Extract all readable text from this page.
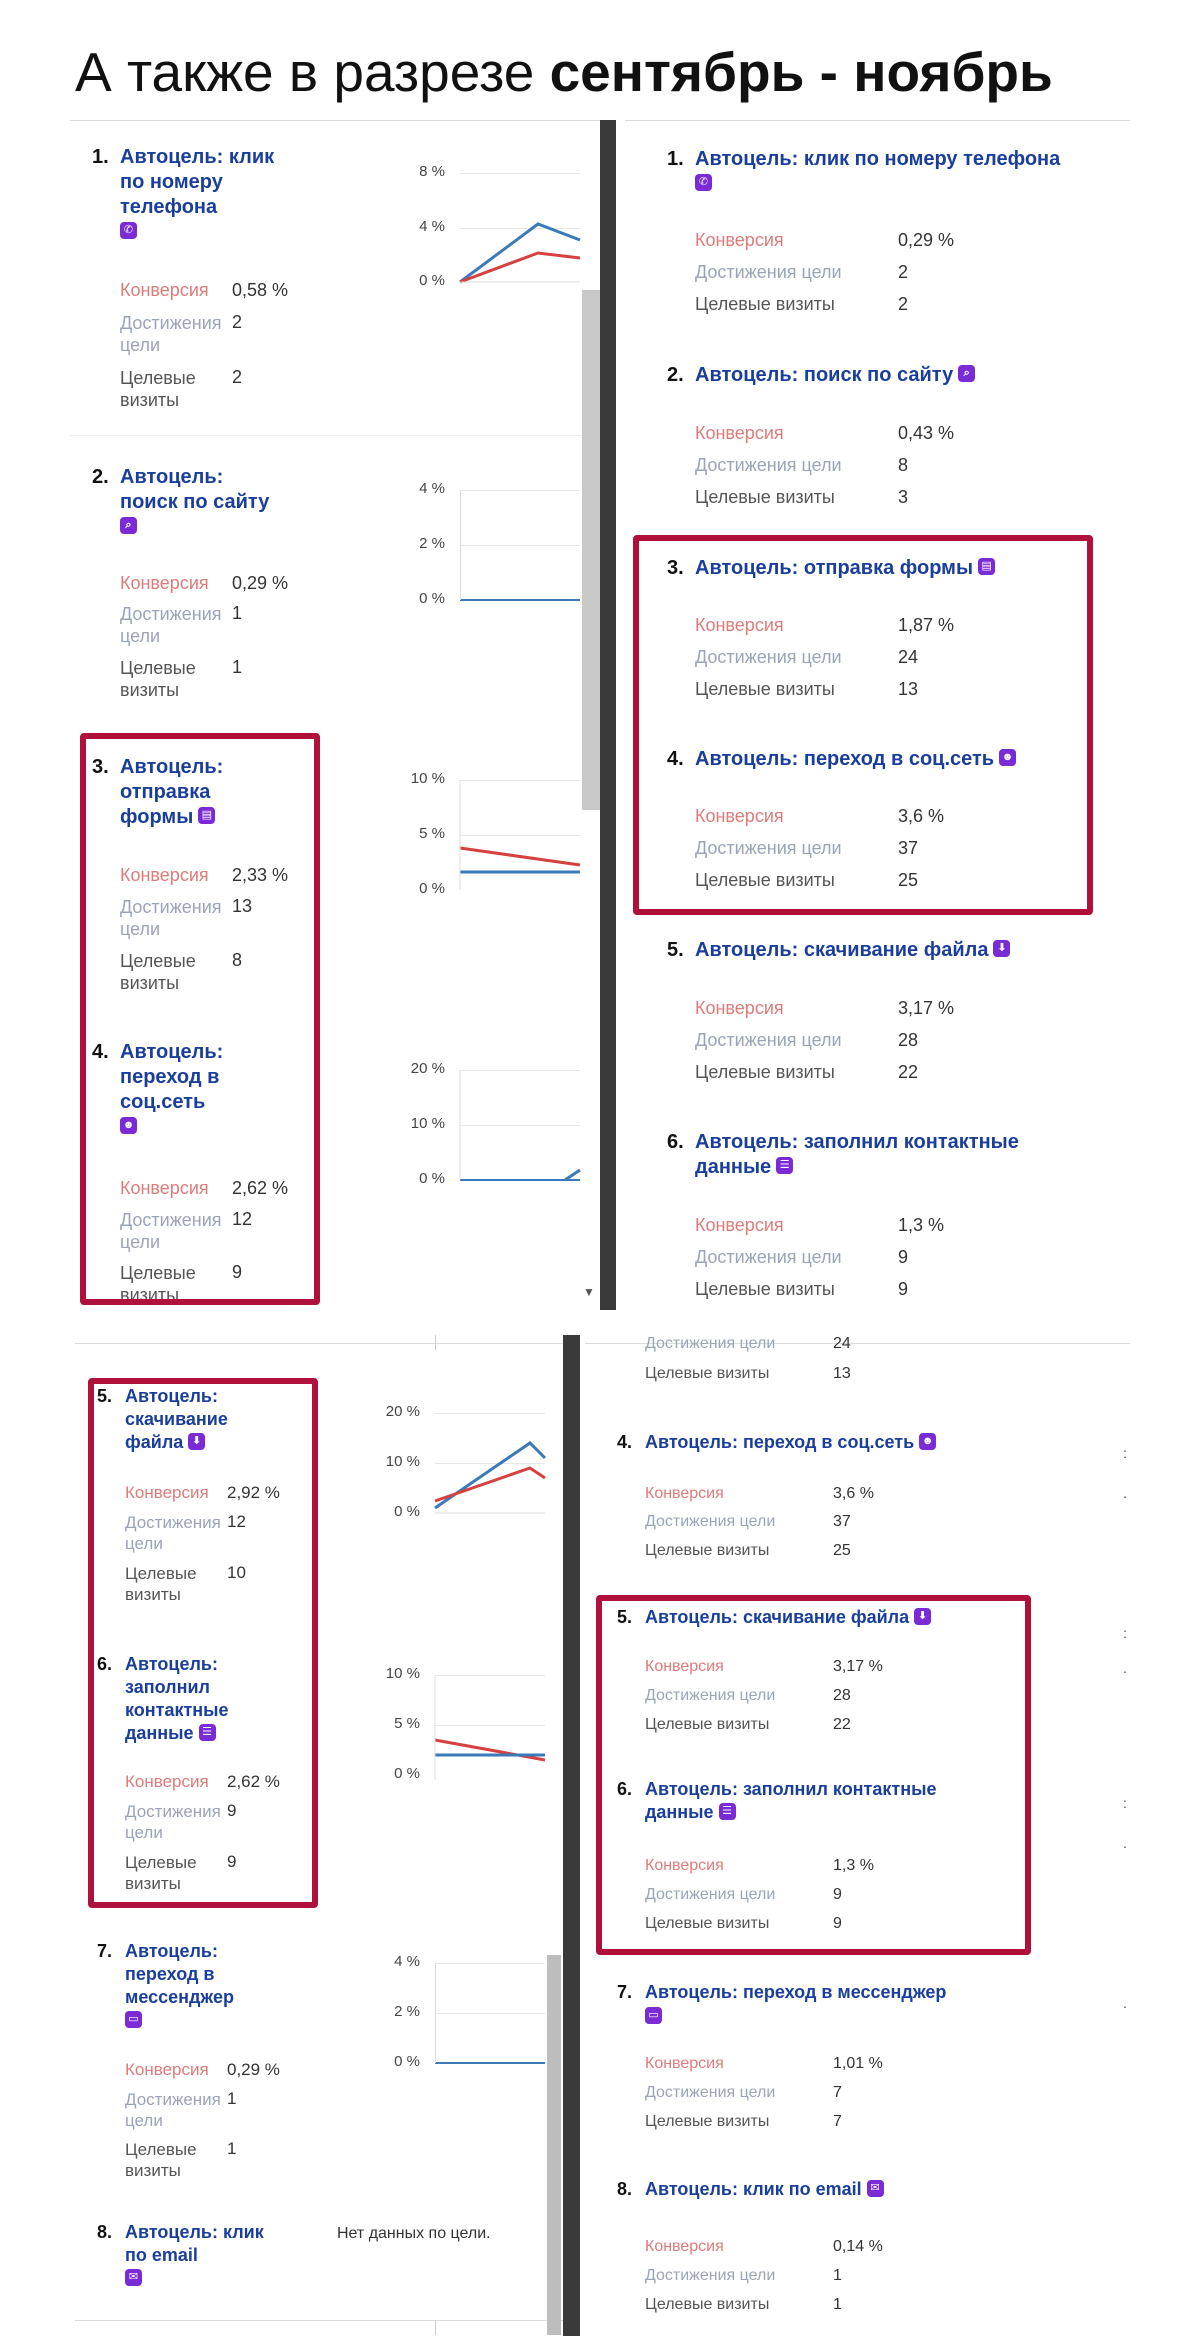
А также в разрезе сентябрь - ноябрь
1. Автоцель: клик
по номеру
телефона
✆
Конверсия 0,58 %
Достижения
цели
2
Целевые
визиты
2
8 %
4 %
0 %
2. Автоцель:
поиск по сайту
⌕
Конверсия 0,29 %
Достижения
цели
1
Целевые
визиты
1
4 %
2 %
0 %
3. Автоцель:
отправка
формы ▤
Конверсия 2,33 %
Достижения
цели
13
Целевые
визиты
8
10 %
5 %
0 %
4. Автоцель:
переход в
соц.сеть
☻
Конверсия 2,62 %
Достижения
цели
12
Целевые
визиты
9
20 %
10 %
0 %
▼
1. Автоцель: клик по номеру телефона
✆
Конверсия	0,29 %
Достижения цели	2
Целевые визиты	2
2. Автоцель: поиск по сайту ⌕
Конверсия	0,43 %
Достижения цели	8
Целевые визиты	3
3. Автоцель: отправка формы ▤
Конверсия	1,87 %
Достижения цели	24
Целевые визиты	13
4. Автоцель: переход в соц.сеть ☻
Конверсия	3,6 %
Достижения цели	37
Целевые визиты	25
5. Автоцель: скачивание файла ⬇
Конверсия	3,17 %
Достижения цели	28
Целевые визиты	22
6. Автоцель: заполнил контактные
данные ☰
Конверсия	1,3 %
Достижения цели	9
Целевые визиты	9
5. Автоцель:
скачивание
файла ⬇
Конверсия 2,92 %
Достижения
цели
12
Целевые
визиты
10
20 %
10 %
0 %
6. Автоцель:
заполнил
контактные
данные ☰
Конверсия 2,62 %
Достижения
цели
9
Целевые
визиты
9
10 %
5 %
0 %
7. Автоцель:
переход в
мессенджер
▭
Конверсия 0,29 %
Достижения
цели
1
Целевые
визиты
1
4 %
2 %
0 %
8. Автоцель: клик
по email
✉
Нет данных по цели.
Достижения цели	24
Целевые визиты	13
4. Автоцель: переход в соц.сеть ☻
Конверсия	3,6 %
Достижения цели	37
Целевые визиты	25
5. Автоцель: скачивание файла ⬇
Конверсия	3,17 %
Достижения цели	28
Целевые визиты	22
6. Автоцель: заполнил контактные
данные ☰
Конверсия	1,3 %
Достижения цели	9
Целевые визиты	9
7. Автоцель: переход в мессенджер
▭
Конверсия	1,01 %
Достижения цели	7
Целевые визиты	7
8. Автоцель: клик по email ✉
Конверсия	0,14 %
Достижения цели	1
Целевые визиты	1
:
.
:
.
:
.
.
